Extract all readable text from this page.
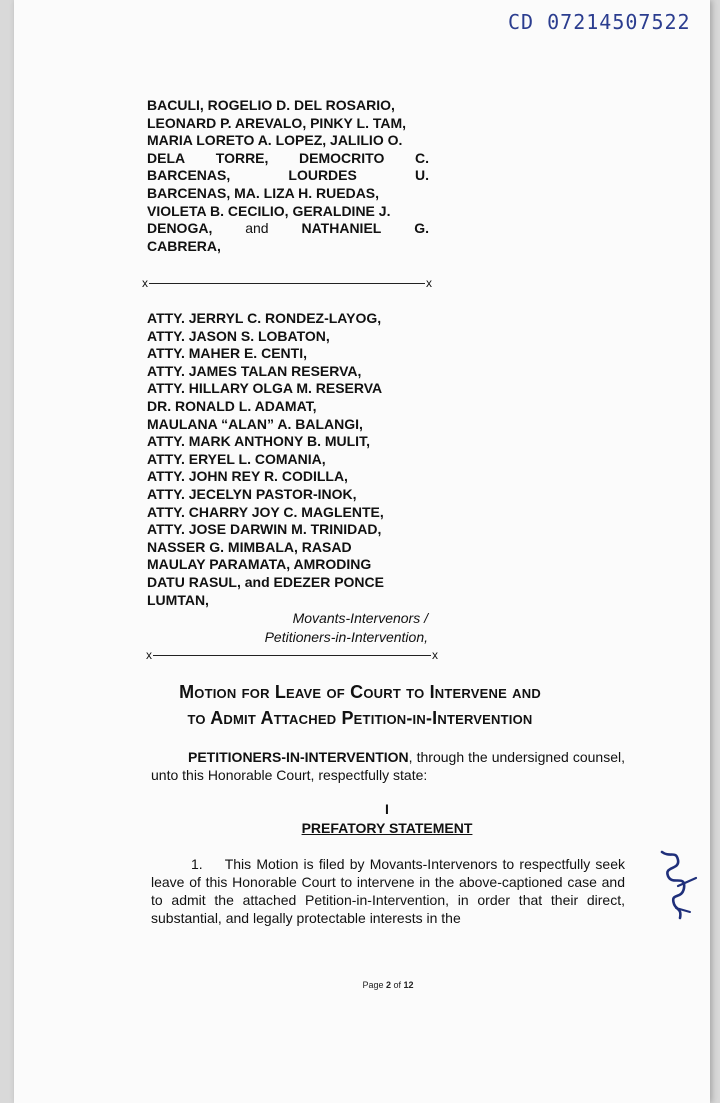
CD 07214507522
BACULI, ROGELIO D. DEL ROSARIO,
LEONARD P. AREVALO, PINKY L. TAM,
MARIA LORETO A. LOPEZ, JALILIO O.
DELA TORRE, DEMOCRITO C.
BARCENAS,	LOURDES	U.
BARCENAS, MA. LIZA H. RUEDAS,
VIOLETA B. CECILIO, GERALDINE J.
DENOGA, and NATHANIEL G.
CABRERA,
x	x
ATTY. JERRYL C. RONDEZ-LAYOG,
ATTY. JASON S. LOBATON,
ATTY. MAHER E. CENTI,
ATTY. JAMES TALAN RESERVA,
ATTY. HILLARY OLGA M. RESERVA
DR. RONALD L. ADAMAT,
MAULANA “ALAN” A. BALANGI,
ATTY. MARK ANTHONY B. MULIT,
ATTY. ERYEL L. COMANIA,
ATTY. JOHN REY R. CODILLA,
ATTY. JECELYN PASTOR-INOK,
ATTY. CHARRY JOY C. MAGLENTE,
ATTY. JOSE DARWIN M. TRINIDAD,
NASSER G. MIMBALA, RASAD
MAULAY PARAMATA, AMRODING
DATU RASUL, and EDEZER PONCE
LUMTAN,
Movants-Intervenors /
Petitioners-in-Intervention,
x	x
Motion for Leave of Court to Intervene and
to Admit Attached Petition-in-Intervention
PETITIONERS-IN-INTERVENTION, through the undersigned counsel, unto this Honorable Court, respectfully state:
I
PREFATORY STATEMENT
1. This Motion is filed by Movants-Intervenors to respectfully seek leave of this Honorable Court to intervene in the above-captioned case and to admit the attached Petition-in-Intervention, in order that their direct, substantial, and legally protectable interests in the
Page 2 of 12
